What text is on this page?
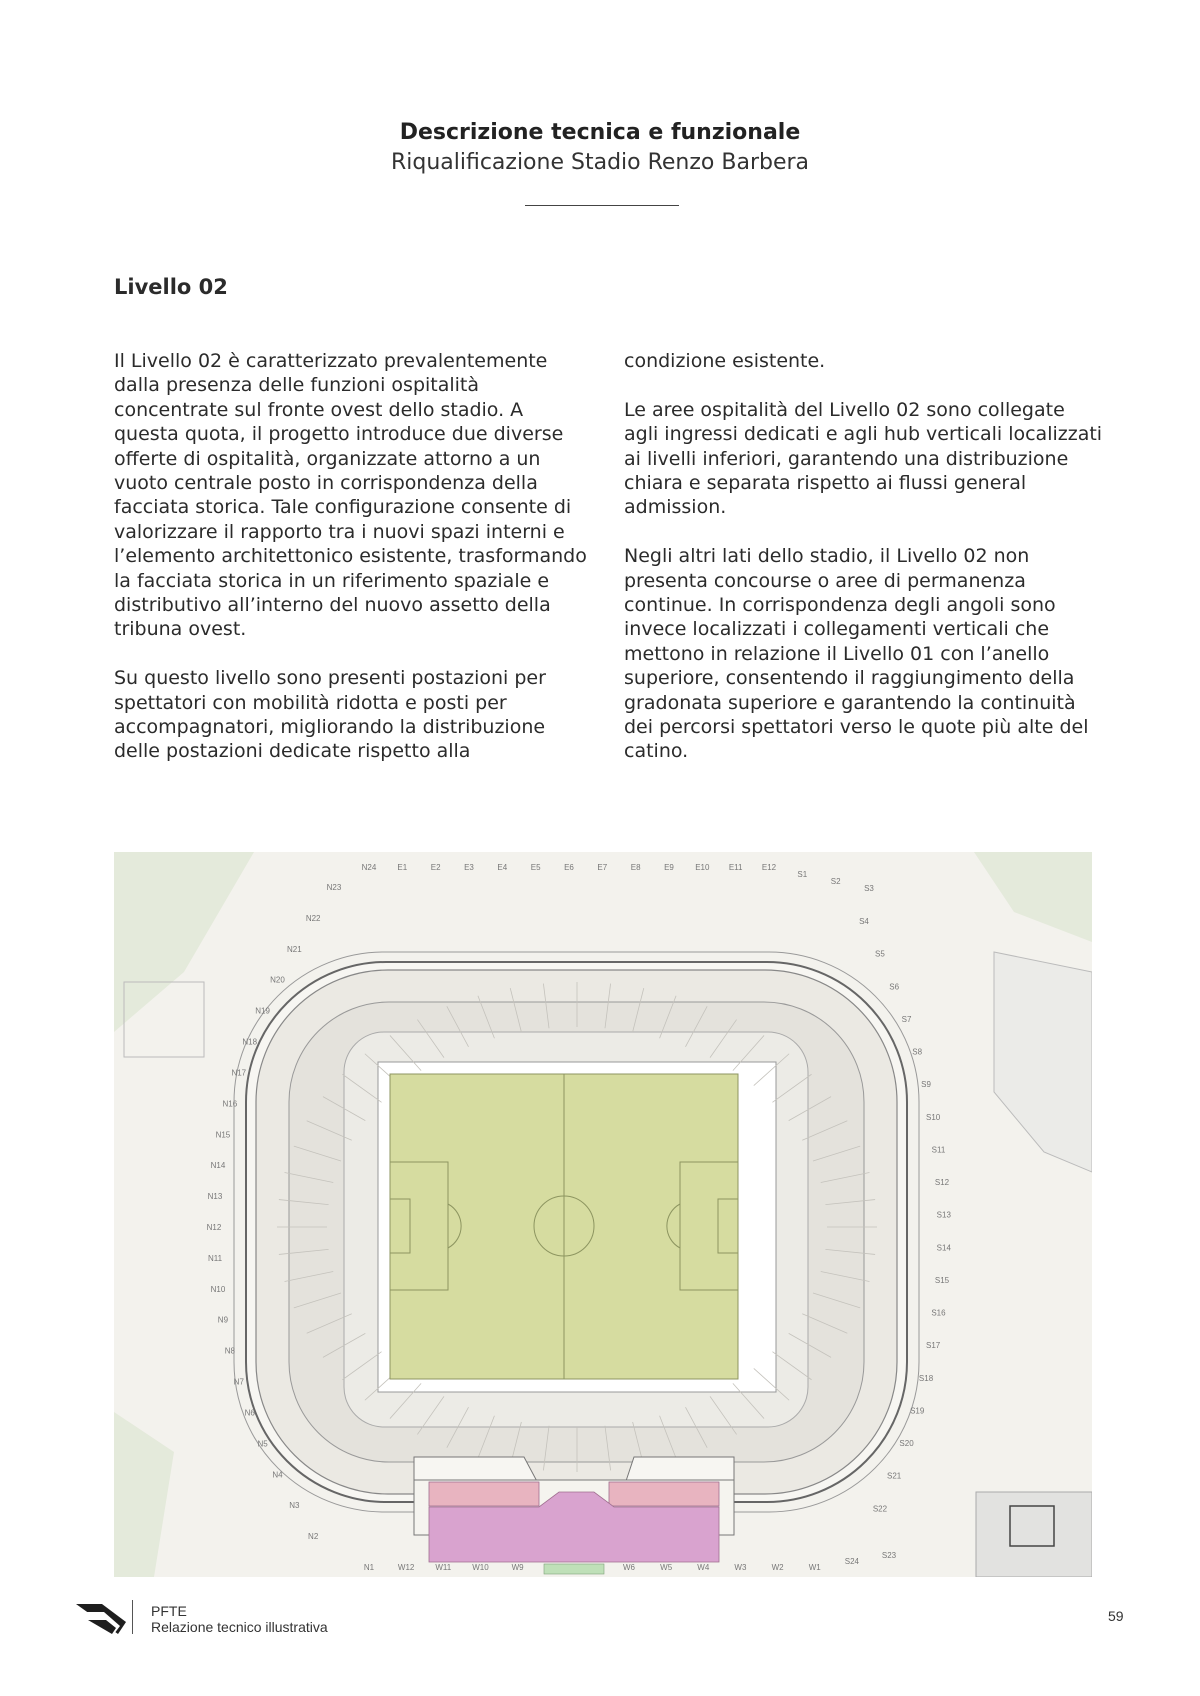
Descrizione tecnica e funzionale

Riqualificazione Stadio Renzo Barbera

Livello 02

Il Livello 02 è caratterizzato prevalentemente dalla presenza delle funzioni ospitalità concentrate sul fronte ovest dello stadio. A questa quota, il progetto introduce due diverse offerte di ospitalità, organizzate attorno a un vuoto centrale posto in corrispondenza della facciata storica. Tale configurazione consente di valorizzare il rapporto tra i nuovi spazi interni e l’elemento architettonico esistente, trasformando la facciata storica in un riferimento spaziale e distributivo all’interno del nuovo assetto della tribuna ovest.

Su questo livello sono presenti postazioni per spettatori con mobilità ridotta e posti per accompagnatori, migliorando la distribuzione delle postazioni dedicate rispetto alla

condizione esistente.

Le aree ospitalità del Livello 02 sono collegate agli ingressi dedicati e agli hub verticali localizzati ai livelli inferiori, garantendo una distribuzione chiara e separata rispetto ai flussi general admission.

Negli altri lati dello stadio, il Livello 02 non presenta concourse o aree di permanenza continue. In corrispondenza degli angoli sono invece localizzati i collegamenti verticali che mettono in relazione il Livello 01 con l’anello superiore, consentendo il raggiungimento della gradonata superiore e garantendo la continuità dei percorsi spettatori verso le quote più alte del catino.

N24	E1	E2	E3	E4	E5	E6	E7	E8	E9	E10 E11 E12
S1
S2
S3
N1	W12	W11	W10	W9	W6	W5	W4	W3	W2	W1
S24
S23
N23
N22
N21
N20
N19
N18
N17
N16
N15
N14
N13
N12
N11
N10
N9
N8
N7
N6
N5
N4
N3
N2
S4
S5
S6
S7
S8
S9
S10
S11
S12
S13
S14
S15
S16
S17
S18
S19
S20
S21
S22
PFTE
Relazione tecnico illustrativa
59
